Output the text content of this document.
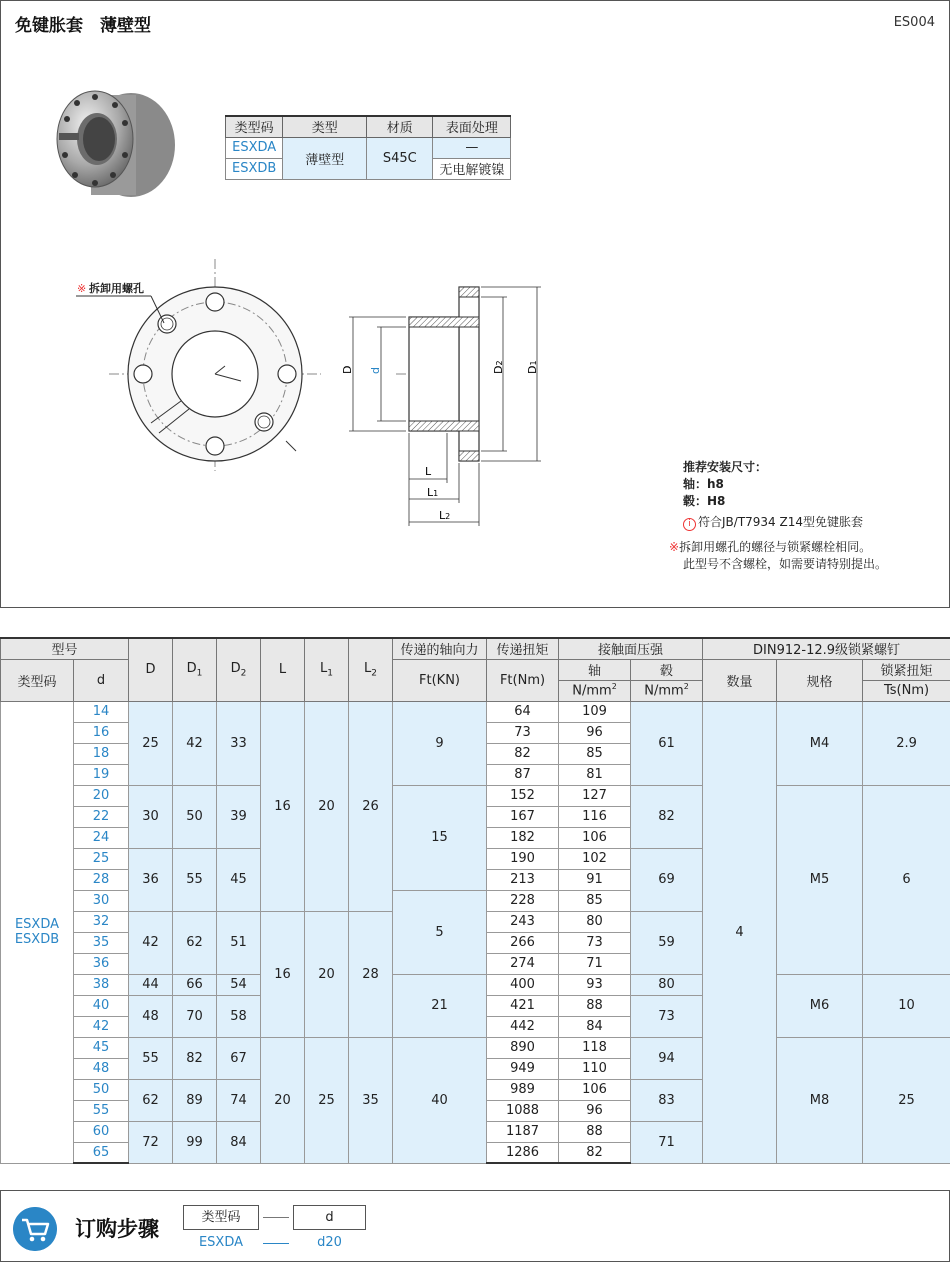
免键胀套　薄壁型	ES004
类型码	类型	材质	表面处理
ESXDA	薄壁型	S45C	—
ESXDB			无电解镀镍
※ 拆卸用螺孔
D d	D2
D1
L
L1
L2
推荐安装尺寸：
轴：h8
毂：H8
i 符合JB/T7934 Z14型免键胀套
※拆卸用螺孔的螺径与锁紧螺栓相同。
此型号不含螺栓，如需要请特别提出。
型号		D	$D_1$	$D_2$	L	$L_1$	$L_2$	传递的轴向力	传递扭矩	接触面压强		DIN912-12.9级锁紧螺钉		
类型码	d							Ft(KN)	Ft(Nm)	轴	毂	数量	规格	锁紧扭矩
										$N/mm^2$	$N/mm^2$			Ts(Nm)

ESXDA
ESXDB	14	25	42	33	16	20	26	9	64	109	61	4	M4	2.9
	16								73	96				
	18								82	85				
	19								87	81				
	20	30	50	39				15	152	127	82		M5	6
	22								167	116				
	24								182	106				
	25	36	55	45					190	102	69			
	28								213	91				
	30							5	228	85				
	32	42	62	51	16	20	28		243	80	59			
	35								266	73				
	36								274	71				
	38	44	66	54				21	400	93	80		M6	10
	40	48	70	58					421	88	73			
	42								442	84				
	45	55	82	67	20	25	35	40	890	118	94		M8	25
	48								949	110				
	50	62	89	74					989	106	83			
	55								1088	96				
	60	72	99	84					1187	88	71			
	65								1286	82				
订购步骤	类型码	d
ESXDA	d20
